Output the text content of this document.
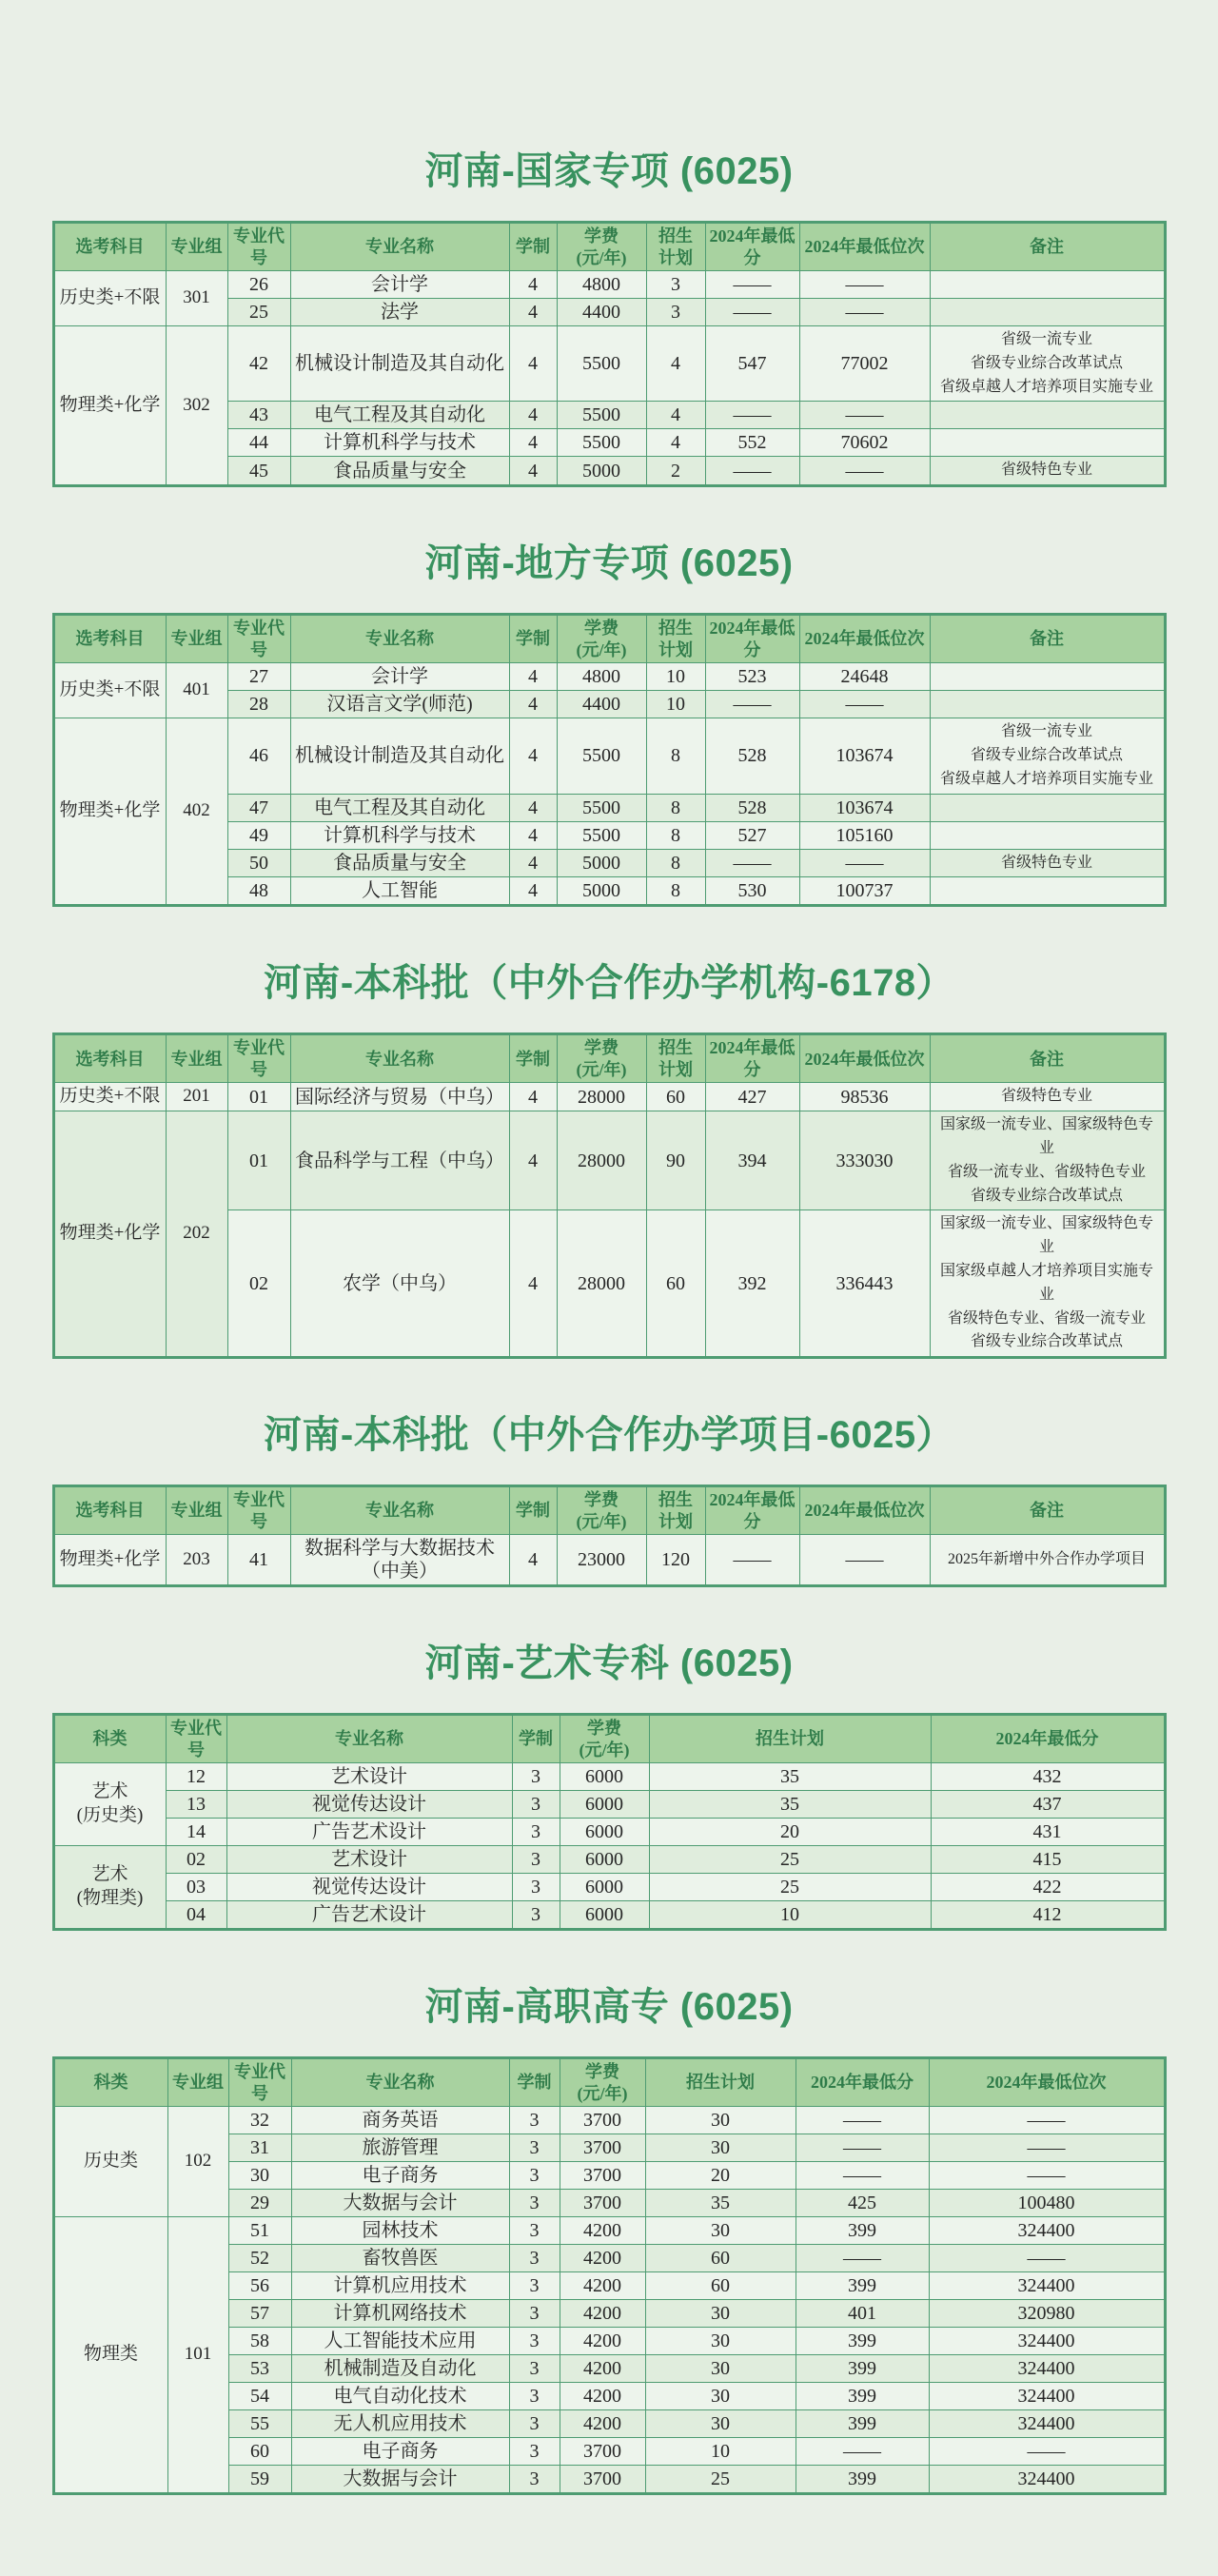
河南-国家专项 (6025)
选考科目	专业组	专业代号	专业名称	学制	学费
(元/年)	招生
计划	2024年最低分	2024年最低位次	备注
历史类+不限	301	26	会计学	4	4800	3	——	——	
		25	法学	4	4400	3	——	——	
物理类+化学	302	42	机械设计制造及其自动化	4	5500	4	547	77002	省级一流专业
省级专业综合改革试点
省级卓越人才培养项目实施专业
		43	电气工程及其自动化	4	5500	4	——	——	
		44	计算机科学与技术	4	5500	4	552	70602	
		45	食品质量与安全	4	5000	2	——	——	省级特色专业
河南-地方专项 (6025)
选考科目	专业组	专业代号	专业名称	学制	学费
(元/年)	招生
计划	2024年最低分	2024年最低位次	备注
历史类+不限	401	27	会计学	4	4800	10	523	24648	
		28	汉语言文学(师范)	4	4400	10	——	——	
物理类+化学	402	46	机械设计制造及其自动化	4	5500	8	528	103674	省级一流专业
省级专业综合改革试点
省级卓越人才培养项目实施专业
		47	电气工程及其自动化	4	5500	8	528	103674	
		49	计算机科学与技术	4	5500	8	527	105160	
		50	食品质量与安全	4	5000	8	——	——	省级特色专业
		48	人工智能	4	5000	8	530	100737	
河南-本科批（中外合作办学机构-6178）
选考科目	专业组	专业代号	专业名称	学制	学费
(元/年)	招生
计划	2024年最低分	2024年最低位次	备注
历史类+不限	201	01	国际经济与贸易（中乌）	4	28000	60	427	98536	省级特色专业
物理类+化学	202	01	食品科学与工程（中乌）	4	28000	90	394	333030	国家级一流专业、国家级特色专业
省级一流专业、省级特色专业
省级专业综合改革试点
		02	农学（中乌）	4	28000	60	392	336443	国家级一流专业、国家级特色专业
国家级卓越人才培养项目实施专业
省级特色专业、省级一流专业
省级专业综合改革试点
河南-本科批（中外合作办学项目-6025）
选考科目	专业组	专业代号	专业名称	学制	学费
(元/年)	招生
计划	2024年最低分	2024年最低位次	备注
物理类+化学	203	41	数据科学与大数据技术（中美）	4	23000	120	——	——	2025年新增中外合作办学项目
河南-艺术专科 (6025)
科类	专业代号	专业名称	学制	学费
(元/年)	招生计划	2024年最低分
艺术
(历史类)	12	艺术设计	3	6000	35	432
	13	视觉传达设计	3	6000	35	437
	14	广告艺术设计	3	6000	20	431
艺术
(物理类)	02	艺术设计	3	6000	25	415
	03	视觉传达设计	3	6000	25	422
	04	广告艺术设计	3	6000	10	412
河南-高职高专 (6025)
科类	专业组	专业代号	专业名称	学制	学费
(元/年)	招生计划	2024年最低分	2024年最低位次
历史类	102	32	商务英语	3	3700	30	——	——
		31	旅游管理	3	3700	30	——	——
		30	电子商务	3	3700	20	——	——
		29	大数据与会计	3	3700	35	425	100480
物理类	101	51	园林技术	3	4200	30	399	324400
		52	畜牧兽医	3	4200	60	——	——
		56	计算机应用技术	3	4200	60	399	324400
		57	计算机网络技术	3	4200	30	401	320980
		58	人工智能技术应用	3	4200	30	399	324400
		53	机械制造及自动化	3	4200	30	399	324400
		54	电气自动化技术	3	4200	30	399	324400
		55	无人机应用技术	3	4200	30	399	324400
		60	电子商务	3	3700	10	——	——
		59	大数据与会计	3	3700	25	399	324400
